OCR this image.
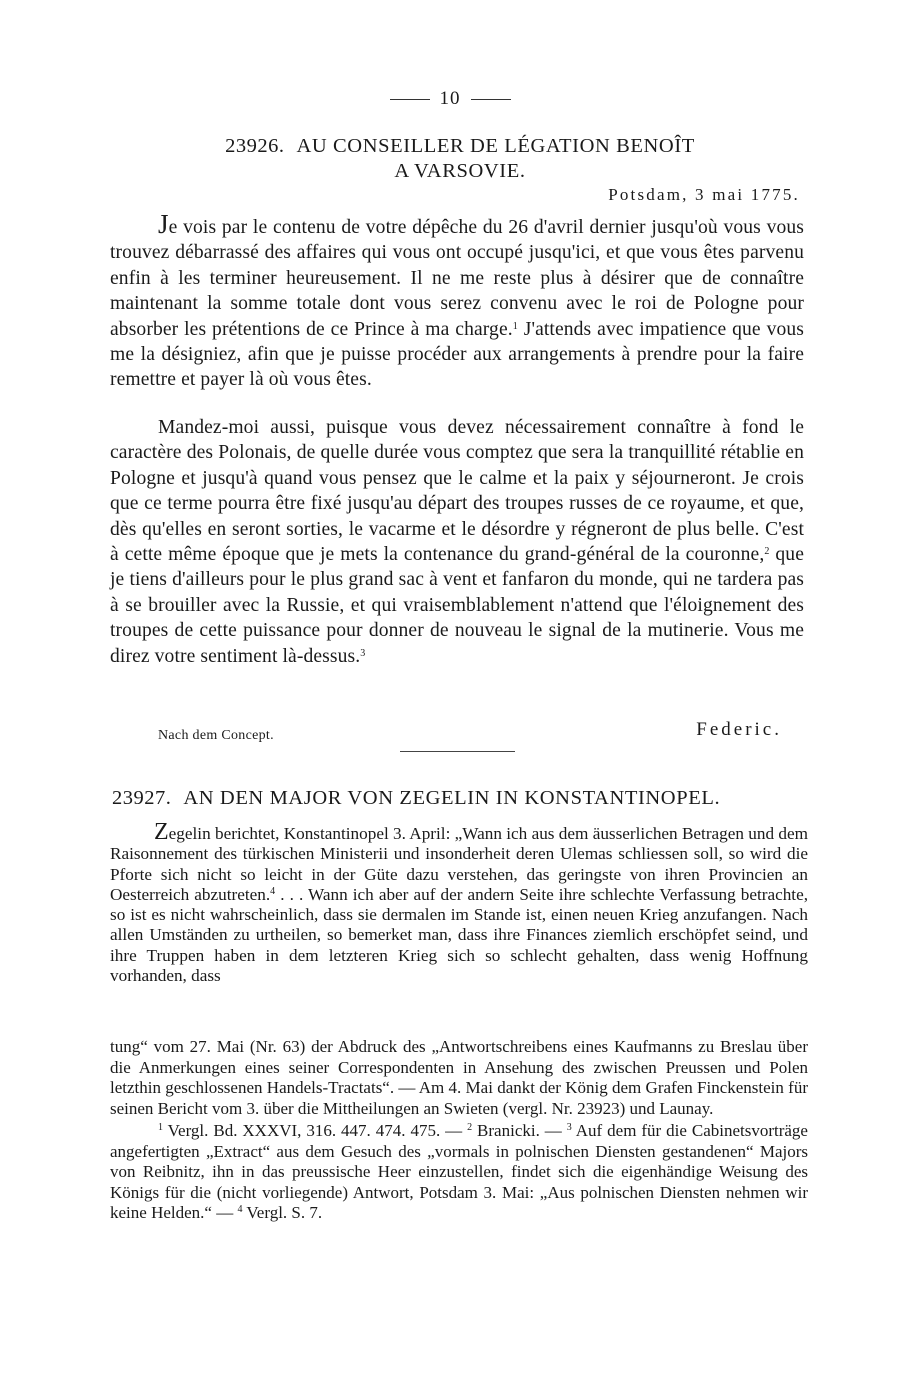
10
23926. AU CONSEILLER DE LÉGATION BENOÎT
A VARSOVIE.
Potsdam, 3 mai 1775.
Je vois par le contenu de votre dépêche du 26 d'avril dernier jusqu'où vous vous trouvez débarrassé des affaires qui vous ont occupé jusqu'ici, et que vous êtes parvenu enfin à les terminer heureusement. Il ne me reste plus à désirer que de connaître maintenant la somme totale dont vous serez convenu avec le roi de Pologne pour absorber les prétentions de ce Prince à ma charge.$^1$ J'attends avec impatience que vous me la désigniez, afin que je puisse procéder aux arrangements à prendre pour la faire remettre et payer là où vous êtes.
Mandez-moi aussi, puisque vous devez nécessairement connaître à fond le caractère des Polonais, de quelle durée vous comptez que sera la tranquillité rétablie en Pologne et jusqu'à quand vous pensez que le calme et la paix y séjourneront. Je crois que ce terme pourra être fixé jusqu'au départ des troupes russes de ce royaume, et que, dès qu'elles en seront sorties, le vacarme et le désordre y régneront de plus belle. C'est à cette même époque que je mets la contenance du grand-général de la couronne,$^2$ que je tiens d'ailleurs pour le plus grand sac à vent et fanfaron du monde, qui ne tardera pas à se brouiller avec la Russie, et qui vraisemblablement n'attend que l'éloignement des troupes de cette puissance pour donner de nouveau le signal de la mutinerie. Vous me direz votre sentiment là-dessus.$^3$
Nach dem Concept.	Federic.
23927. AN DEN MAJOR VON ZEGELIN IN KONSTANTINOPEL.
Zegelin berichtet, Konstantinopel 3. April: „Wann ich aus dem äusserlichen Betragen und dem Raisonnement des türkischen Ministerii und insonderheit deren Ulemas schliessen soll, so wird die Pforte sich nicht so leicht in der Güte dazu verstehen, das geringste von ihren Provincien an Oesterreich abzutreten.$^4$ . . . Wann ich aber auf der andern Seite ihre schlechte Verfassung betrachte, so ist es nicht wahrscheinlich, dass sie dermalen im Stande ist, einen neuen Krieg anzufangen. Nach allen Umständen zu urtheilen, so bemerket man, dass ihre Finances ziemlich erschöpfet seind, und ihre Truppen haben in dem letzteren Krieg sich so schlecht gehalten, dass wenig Hoffnung vorhanden, dass

tung“ vom 27. Mai (Nr. 63) der Abdruck des „Antwortschreibens eines Kaufmanns zu Breslau über die Anmerkungen eines seiner Correspondenten in Ansehung des zwischen Preussen und Polen letzthin geschlossenen Handels-Tractats“. — Am 4. Mai dankt der König dem Grafen Finckenstein für seinen Bericht vom 3. über die Mittheilungen an Swieten (vergl. Nr. 23923) und Launay.

$^1$ Vergl. Bd. XXXVI, 316. 447. 474. 475. — $^2$ Branicki. — $^3$ Auf dem für die Cabinetsvorträge angefertigten „Extract“ aus dem Gesuch des „vormals in polnischen Diensten gestandenen“ Majors von Reibnitz, ihn in das preussische Heer einzustellen, findet sich die eigenhändige Weisung des Königs für die (nicht vorliegende) Antwort, Potsdam 3. Mai: „Aus polnischen Diensten nehmen wir keine Helden.“ — $^4$ Vergl. S. 7.
